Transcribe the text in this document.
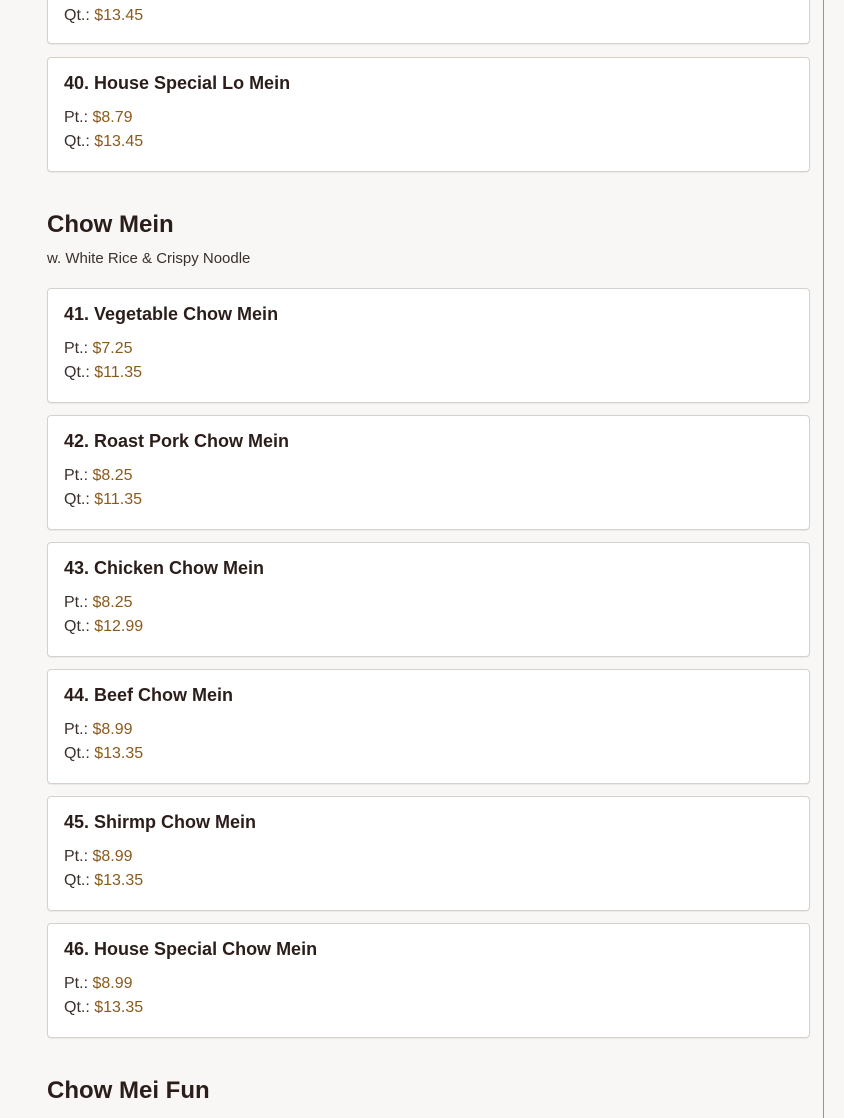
Qt.: $13.45
40. House Special Lo Mein
Pt.: $8.79
Qt.: $13.45
Chow Mein
w. White Rice & Crispy Noodle
41. Vegetable Chow Mein
Pt.: $7.25
Qt.: $11.35
42. Roast Pork Chow Mein
Pt.: $8.25
Qt.: $11.35
43. Chicken Chow Mein
Pt.: $8.25
Qt.: $12.99
44. Beef Chow Mein
Pt.: $8.99
Qt.: $13.35
45. Shirmp Chow Mein
Pt.: $8.99
Qt.: $13.35
46. House Special Chow Mein
Pt.: $8.99
Qt.: $13.35
Chow Mei Fun
